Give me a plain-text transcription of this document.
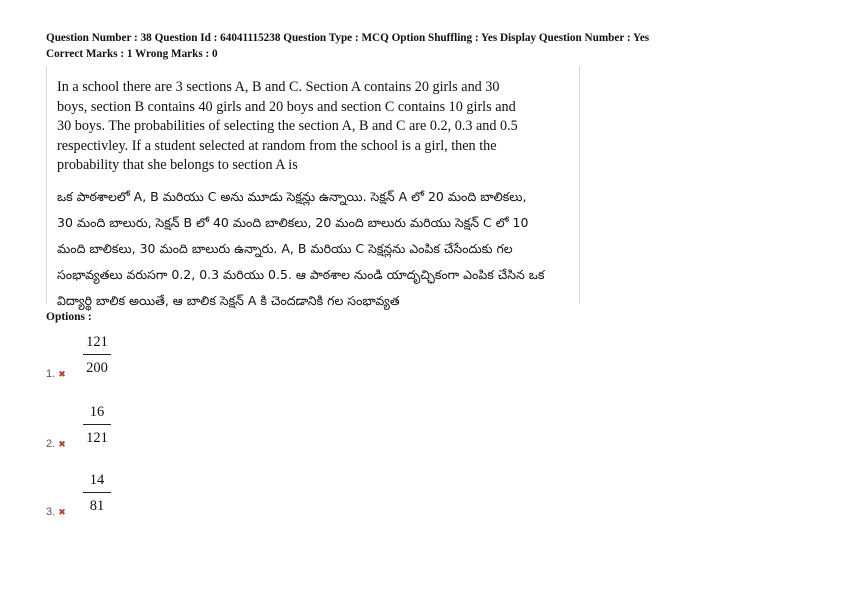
Question Number : 38 Question Id : 64041115238 Question Type : MCQ Option Shuffling : Yes Display Question Number : Yes
Correct Marks : 1 Wrong Marks : 0
In a school there are 3 sections A, B and C. Section A contains 20 girls and 30
boys, section B contains 40 girls and 20 boys and section C contains 10 girls and
30 boys. The probabilities of selecting the section A, B and C are 0.2, 0.3 and 0.5
respectivley. If a student selected at random from the school is a girl, then the
probability that she belongs to section A is
ఒక పాఠశాలలో A, B మరియు C అను మూడు సెక్షన్లు ఉన్నాయి. సెక్షన్ A లో 20 మంది బాలికలు,
30 మంది బాలురు, సెక్షన్ B లో 40 మంది బాలికలు, 20 మంది బాలురు మరియు సెక్షన్ C లో 10
మంది బాలికలు, 30 మంది బాలురు ఉన్నారు. A, B మరియు C సెక్షన్లను ఎంపిక చేసేందుకు గల
సంభావ్యతలు వరుసగా 0.2, 0.3 మరియు 0.5. ఆ పాఠశాల నుండి యాదృచ్ఛికంగా ఎంపిక చేసిన ఒక
విద్యార్థి బాలిక అయితే, ఆ బాలిక సెక్షన్ A కి చెందడానికి గల సంభావ్యత
Options :
1. ✖
121
200
2. ✖
16
121
3. ✖
14
81
